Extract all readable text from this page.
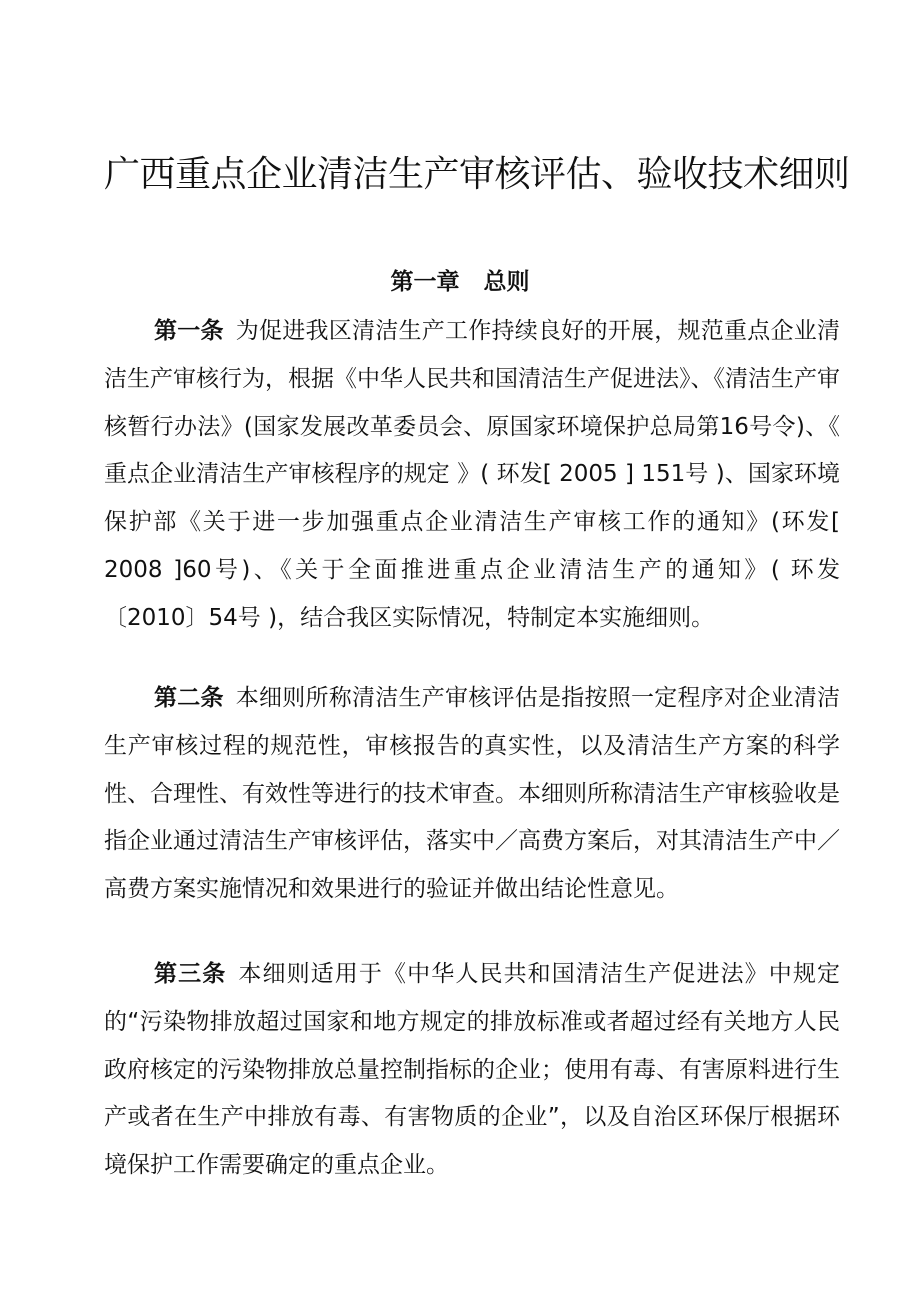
广西重点企业清洁生产审核评估、验收技术细则
第一章 总则

第一条 为促进我区清洁生产工作持续良好的开展，规范重点企业清洁生产审核行为，根据《中华人民共和国清洁生产促进法》、《清洁生产审核暂行办法》(国家发展改革委员会、原国家环境保护总局第16号令)、《 重点企业清洁生产审核程序的规定 》( 环发[ 2005 ] 151号 )、国家环境保护部《关于进一步加强重点企业清洁生产审核工作的通知》(环发[ 2008 ]60号)、《关于全面推进重点企业清洁生产的通知》( 环发〔2010〕54号 )，结合我区实际情况，特制定本实施细则。

第二条 本细则所称清洁生产审核评估是指按照一定程序对企业清洁生产审核过程的规范性，审核报告的真实性，以及清洁生产方案的科学性、合理性、有效性等进行的技术审查。本细则所称清洁生产审核验收是指企业通过清洁生产审核评估，落实中／高费方案后，对其清洁生产中／高费方案实施情况和效果进行的验证并做出结论性意见。

第三条 本细则适用于《中华人民共和国清洁生产促进法》中规定的“污染物排放超过国家和地方规定的排放标准或者超过经有关地方人民政府核定的污染物排放总量控制指标的企业；使用有毒、有害原料进行生产或者在生产中排放有毒、有害物质的企业”，以及自治区环保厅根据环境保护工作需要确定的重点企业。
